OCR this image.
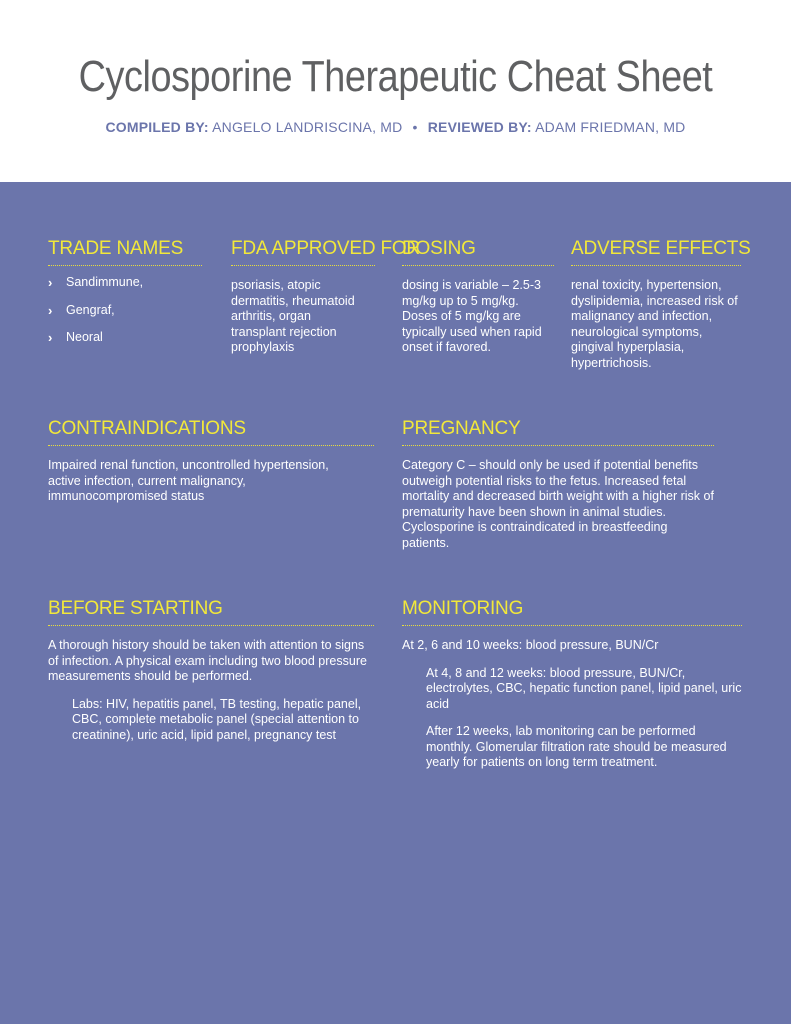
Cyclosporine Therapeutic Cheat Sheet
COMPILED BY: ANGELO LANDRISCINA, MD • REVIEWED BY: ADAM FRIEDMAN, MD
TRADE NAMES
›	Sandimmune,
›	Gengraf,
›	Neoral
FDA APPROVED FOR
psoriasis, atopic dermatitis, rheumatoid arthritis, organ transplant rejection prophylaxis
DOSING
dosing is variable – 2.5-3 mg/kg up to 5 mg/kg. Doses of 5 mg/kg are typically used when rapid onset if favored.
ADVERSE EFFECTS
renal toxicity, hypertension, dyslipidemia, increased risk of malignancy and infection, neurological symptoms, gingival hyperplasia, hypertrichosis.
CONTRAINDICATIONS
Impaired renal function, uncontrolled hypertension, active infection, current malignancy, immunocompromised status
PREGNANCY
Category C – should only be used if potential benefits outweigh potential risks to the fetus. Increased fetal mortality and decreased birth weight with a higher risk of prematurity have been shown in animal studies. Cyclosporine is contraindicated in breastfeeding patients.
BEFORE STARTING

A thorough history should be taken with attention to signs of infection. A physical exam including two blood pressure measurements should be performed.

Labs: HIV, hepatitis panel, TB testing, hepatic panel, CBC, complete metabolic panel (special attention to creatinine), uric acid, lipid panel, pregnancy test

MONITORING

At 2, 6 and 10 weeks: blood pressure, BUN/Cr

At 4, 8 and 12 weeks: blood pressure, BUN/Cr, electrolytes, CBC, hepatic function panel, lipid panel, uric acid

After 12 weeks, lab monitoring can be performed monthly. Glomerular filtration rate should be measured yearly for patients on long term treatment.
